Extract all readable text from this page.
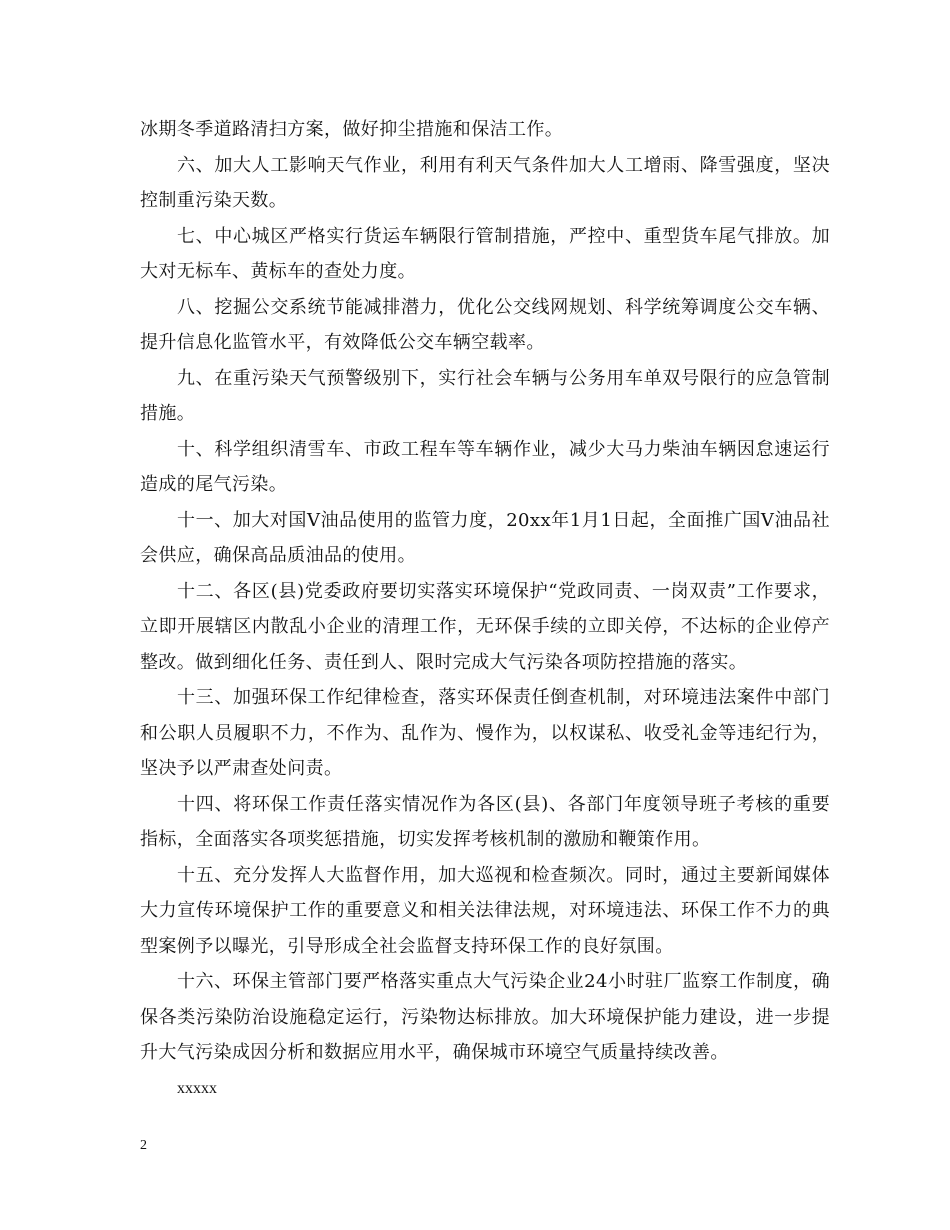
冰期冬季道路清扫方案，做好抑尘措施和保洁工作。

六、加大人工影响天气作业，利用有利天气条件加大人工增雨、降雪强度，坚决控制重污染天数。

七、中心城区严格实行货运车辆限行管制措施，严控中、重型货车尾气排放。加大对无标车、黄标车的查处力度。

八、挖掘公交系统节能减排潜力，优化公交线网规划、科学统筹调度公交车辆、提升信息化监管水平，有效降低公交车辆空载率。

九、在重污染天气预警级别下，实行社会车辆与公务用车单双号限行的应急管制措施。

十、科学组织清雪车、市政工程车等车辆作业，减少大马力柴油车辆因怠速运行造成的尾气污染。

十一、加大对国Ⅴ油品使用的监管力度，20xx年1月1日起，全面推广国Ⅴ油品社会供应，确保高品质油品的使用。

十二、各区(县)党委政府要切实落实环境保护“党政同责、一岗双责”工作要求，立即开展辖区内散乱小企业的清理工作，无环保手续的立即关停，不达标的企业停产整改。做到细化任务、责任到人、限时完成大气污染各项防控措施的落实。

十三、加强环保工作纪律检查，落实环保责任倒查机制，对环境违法案件中部门和公职人员履职不力，不作为、乱作为、慢作为，以权谋私、收受礼金等违纪行为，坚决予以严肃查处问责。

十四、将环保工作责任落实情况作为各区(县)、各部门年度领导班子考核的重要指标，全面落实各项奖惩措施，切实发挥考核机制的激励和鞭策作用。

十五、充分发挥人大监督作用，加大巡视和检查频次。同时，通过主要新闻媒体大力宣传环境保护工作的重要意义和相关法律法规，对环境违法、环保工作不力的典型案例予以曝光，引导形成全社会监督支持环保工作的良好氛围。

十六、环保主管部门要严格落实重点大气污染企业24小时驻厂监察工作制度，确保各类污染防治设施稳定运行，污染物达标排放。加大环境保护能力建设，进一步提升大气污染成因分析和数据应用水平，确保城市环境空气质量持续改善。

xxxxx

2
